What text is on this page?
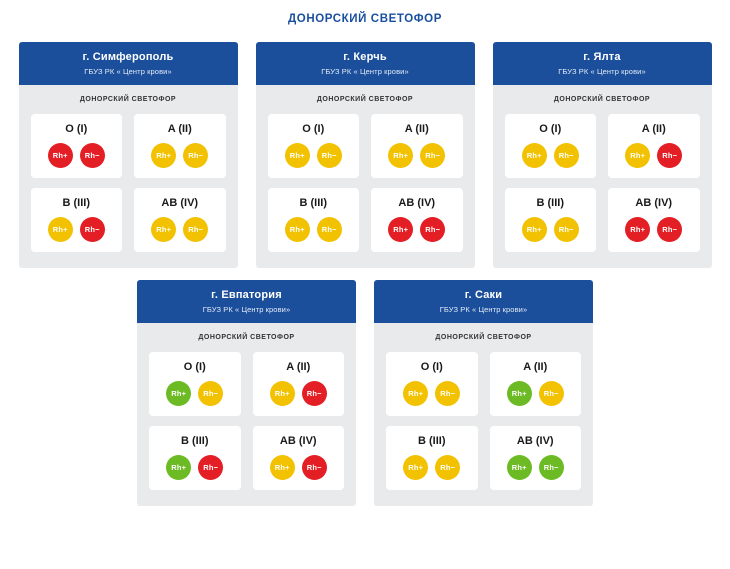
ДОНОРСКИЙ СВЕТОФОР
г. Симферополь
ГБУЗ РК « Центр крови»
ДОНОРСКИЙ СВЕТОФОР
O (I)
Rh+	Rh−
A (II)
Rh+	Rh−
B (III)
Rh+	Rh−
AB (IV)
Rh+	Rh−
г. Керчь
ГБУЗ РК « Центр крови»
ДОНОРСКИЙ СВЕТОФОР
O (I)
Rh+	Rh−
A (II)
Rh+	Rh−
B (III)
Rh+	Rh−
AB (IV)
Rh+	Rh−
г. Ялта
ГБУЗ РК « Центр крови»
ДОНОРСКИЙ СВЕТОФОР
O (I)
Rh+	Rh−
A (II)
Rh+	Rh−
B (III)
Rh+	Rh−
AB (IV)
Rh+	Rh−
г. Евпатория
ГБУЗ РК « Центр крови»
ДОНОРСКИЙ СВЕТОФОР
O (I)
Rh+	Rh−
A (II)
Rh+	Rh−
B (III)
Rh+	Rh−
AB (IV)
Rh+	Rh−
г. Саки
ГБУЗ РК « Центр крови»
ДОНОРСКИЙ СВЕТОФОР
O (I)
Rh+	Rh−
A (II)
Rh+	Rh−
B (III)
Rh+	Rh−
AB (IV)
Rh+	Rh−
